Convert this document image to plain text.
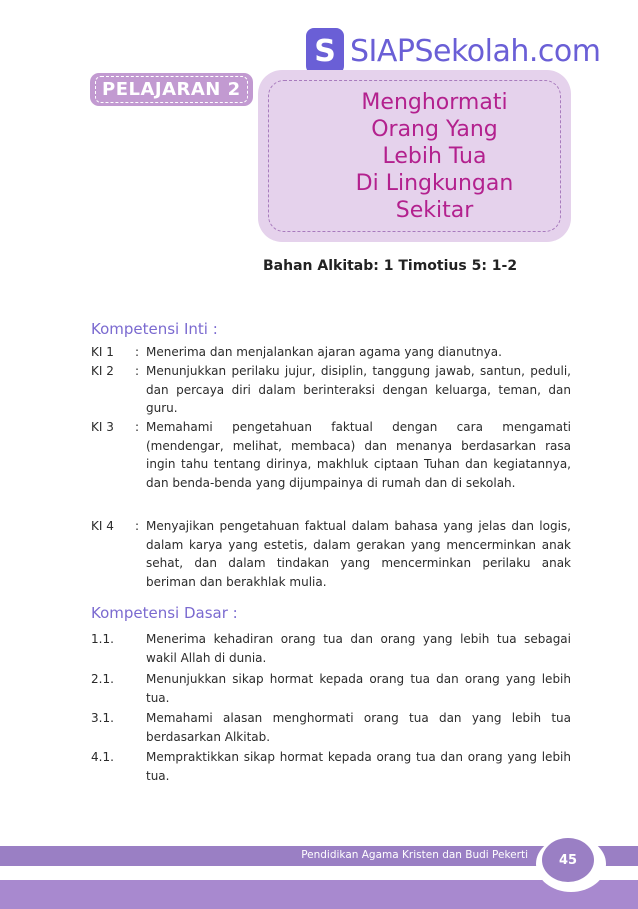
S SIAPSekolah.com
PELAJARAN 2	Menghormati
Orang Yang
Lebih Tua
Di Lingkungan
Sekitar
Bahan Alkitab: 1 Timotius 5: 1-2
Kompetensi Inti :
KI 1 : Menerima dan menjalankan ajaran agama yang dianutnya.
KI 2 : Menunjukkan perilaku jujur, disiplin, tanggung jawab, santun, peduli, dan percaya diri dalam berinteraksi dengan keluarga, teman, dan guru.
KI 3 : Memahami pengetahuan faktual dengan cara mengamati (mendengar, melihat, membaca) dan menanya berdasarkan rasa ingin tahu tentang dirinya, makhluk ciptaan Tuhan dan kegiatannya, dan benda-benda yang dijumpainya di rumah dan di sekolah.
KI 4 : Menyajikan pengetahuan faktual dalam bahasa yang jelas dan logis, dalam karya yang estetis, dalam gerakan yang mencerminkan anak sehat, dan dalam tindakan yang mencerminkan perilaku anak beriman dan berakhlak mulia.
Kompetensi Dasar :
1.1.	Menerima kehadiran orang tua dan orang yang lebih tua sebagai wakil Allah di dunia.
2.1.	Menunjukkan sikap hormat kepada orang tua dan orang yang lebih tua.
3.1.	Memahami alasan menghormati orang tua dan yang lebih tua berdasarkan Alkitab.
4.1.	Mempraktikkan sikap hormat kepada orang tua dan orang yang lebih tua.
Pendidikan Agama Kristen dan Budi Pekerti	45
